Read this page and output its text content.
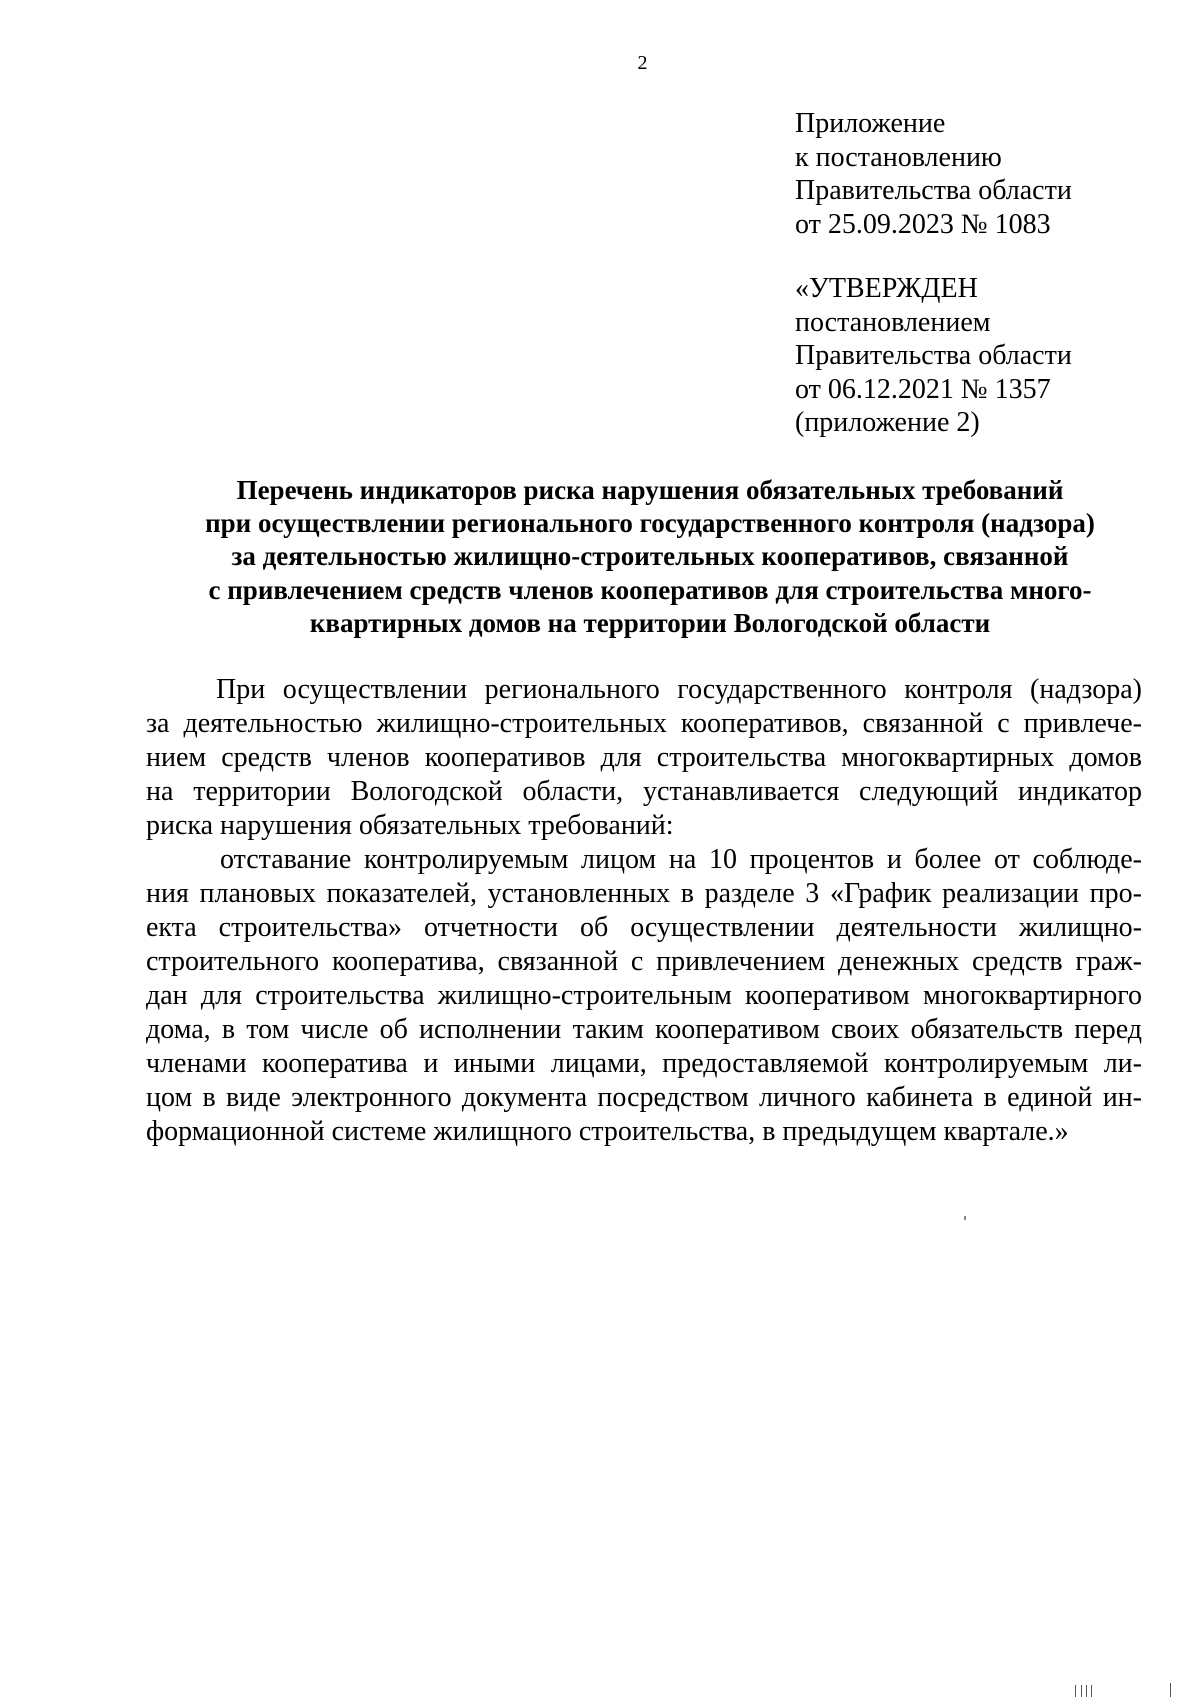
2
Приложение
к постановлению
Правительства области
от 25.09.2023 № 1083
«УТВЕРЖДЕН
постановлением
Правительства области
от 06.12.2021 № 1357
(приложение 2)
Перечень индикаторов риска нарушения обязательных требований
при осуществлении регионального государственного контроля (надзора)
за деятельностью жилищно-строительных кооперативов, связанной
с привлечением средств членов кооперативов для строительства много-
квартирных домов на территории Вологодской области
При осуществлении регионального государственного контроля (надзора)
за деятельностью жилищно-строительных кооперативов, связанной с привлече-
нием средств членов кооперативов для строительства многоквартирных домов
на территории Вологодской области, устанавливается следующий индикатор
риска нарушения обязательных требований:
отставание контролируемым лицом на 10 процентов и более от соблюде-
ния плановых показателей, установленных в разделе 3 «График реализации про-
екта строительства» отчетности об осуществлении деятельности жилищно-
строительного кооператива, связанной с привлечением денежных средств граж-
дан для строительства жилищно-строительным кооперативом многоквартирного
дома, в том числе об исполнении таким кооперативом своих обязательств перед
членами кооператива и иными лицами, предоставляемой контролируемым ли-
цом в виде электронного документа посредством личного кабинета в единой ин-
формационной системе жилищного строительства, в предыдущем квартале.»
